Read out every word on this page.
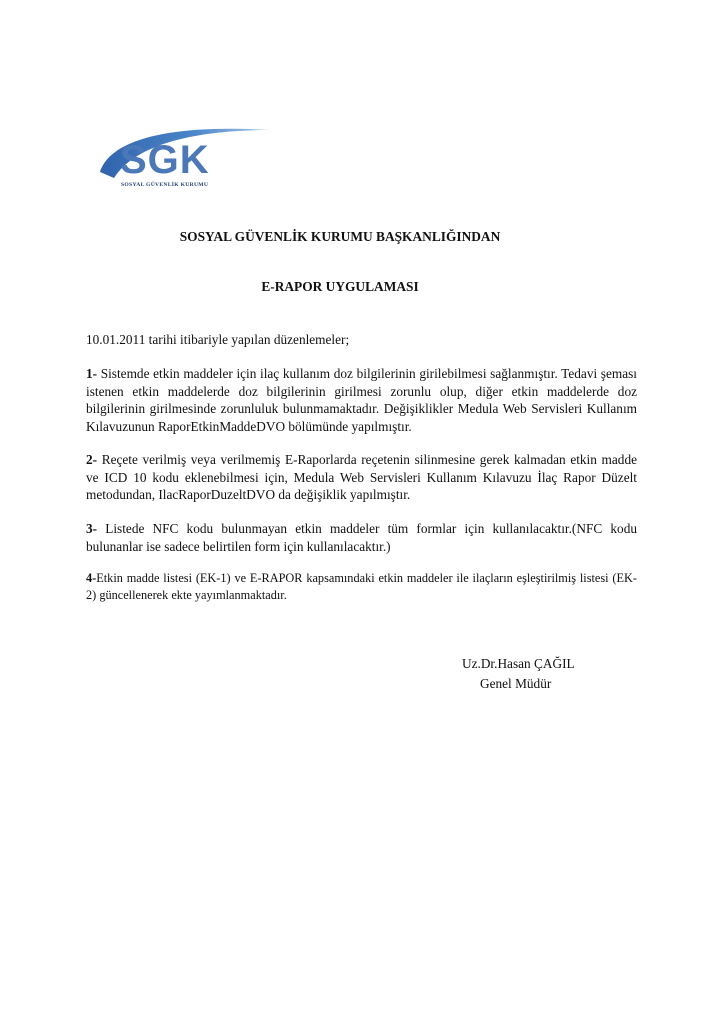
SGK
SOSYAL GÜVENLİK KURUMU

SOSYAL GÜVENLİK KURUMU BAŞKANLIĞINDAN

E-RAPOR UYGULAMASI

10.01.2011 tarihi itibariyle yapılan düzenlemeler;

1- Sistemde etkin maddeler için ilaç kullanım doz bilgilerinin girilebilmesi sağlanmıştır. Tedavi şeması istenen etkin maddelerde doz bilgilerinin girilmesi zorunlu olup, diğer etkin maddelerde doz bilgilerinin girilmesinde zorunluluk bulunmamaktadır. Değişiklikler Medula Web Servisleri Kullanım Kılavuzunun RaporEtkinMaddeDVO bölümünde yapılmıştır.

2- Reçete verilmiş veya verilmemiş E-Raporlarda reçetenin silinmesine gerek kalmadan etkin madde ve ICD 10 kodu eklenebilmesi için, Medula Web Servisleri Kullanım Kılavuzu İlaç Rapor Düzelt metodundan, IlacRaporDuzeltDVO da değişiklik yapılmıştır.

3- Listede NFC kodu bulunmayan etkin maddeler tüm formlar için kullanılacaktır.(NFC kodu bulunanlar ise sadece belirtilen form için kullanılacaktır.)

4-Etkin madde listesi (EK-1) ve E-RAPOR kapsamındaki etkin maddeler ile ilaçların eşleştirilmiş listesi (EK-2) güncellenerek ekte yayımlanmaktadır.

Uz.Dr.Hasan ÇAĞIL
Genel Müdür
